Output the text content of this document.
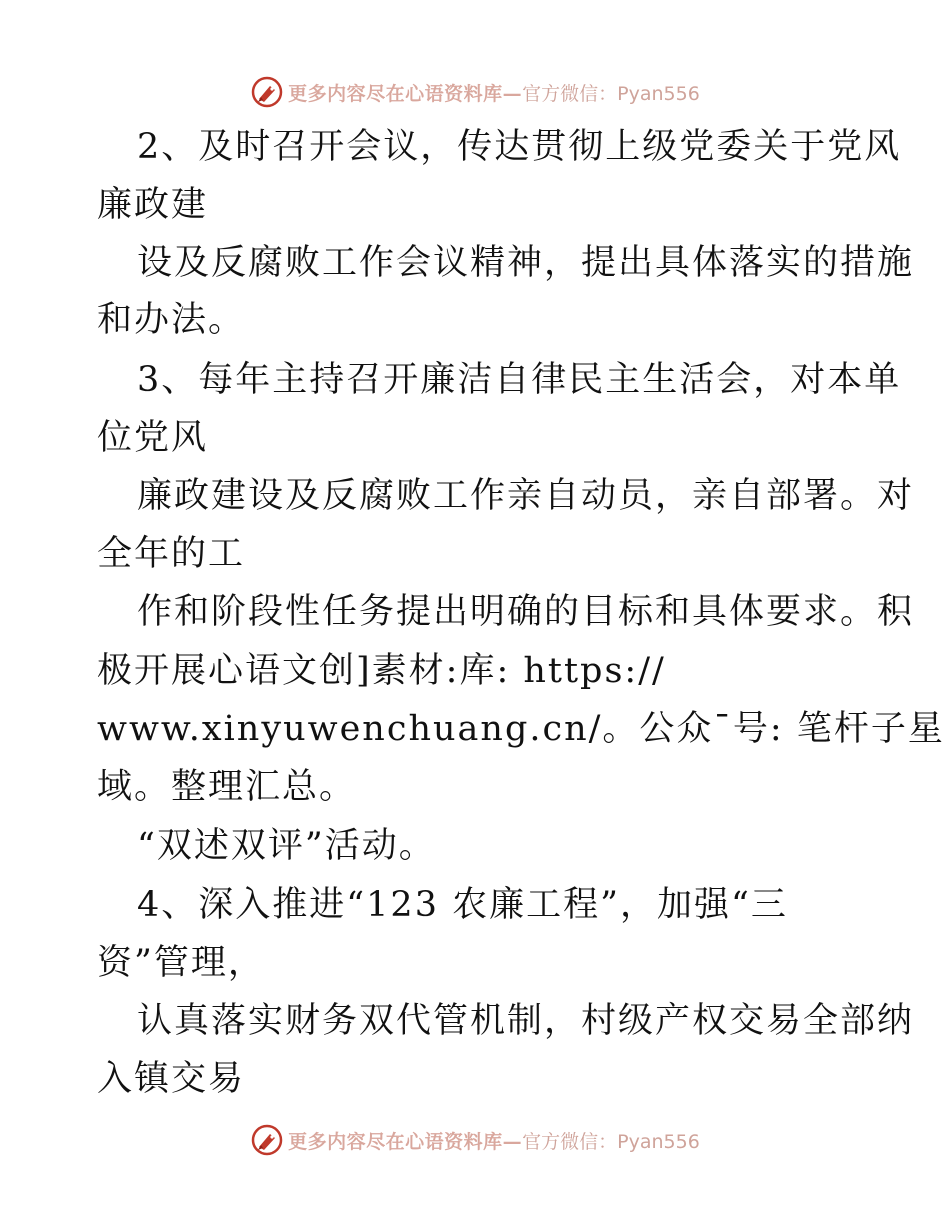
更多内容尽在心语资料库— 官方微信：Pyan556
2、及时召开会议，传达贯彻上级党委关于党风
廉政建
设及反腐败工作会议精神，提出具体落实的措施
和办法。
3、每年主持召开廉洁自律民主生活会，对本单
位党风
廉政建设及反腐败工作亲自动员，亲自部署。对
全年的工
作和阶段性任务提出明确的目标和具体要求。积
极开展心语文创]素材:库: https://
www.xinyuwenchuang.cn/。公众¯号: 笔杆子星
域。整理汇总。
“双述双评”活动。
4、深入推进“123 农廉工程”，加强“三
资”管理，
认真落实财务双代管机制，村级产权交易全部纳
入镇交易
更多内容尽在心语资料库— 官方微信：Pyan556
